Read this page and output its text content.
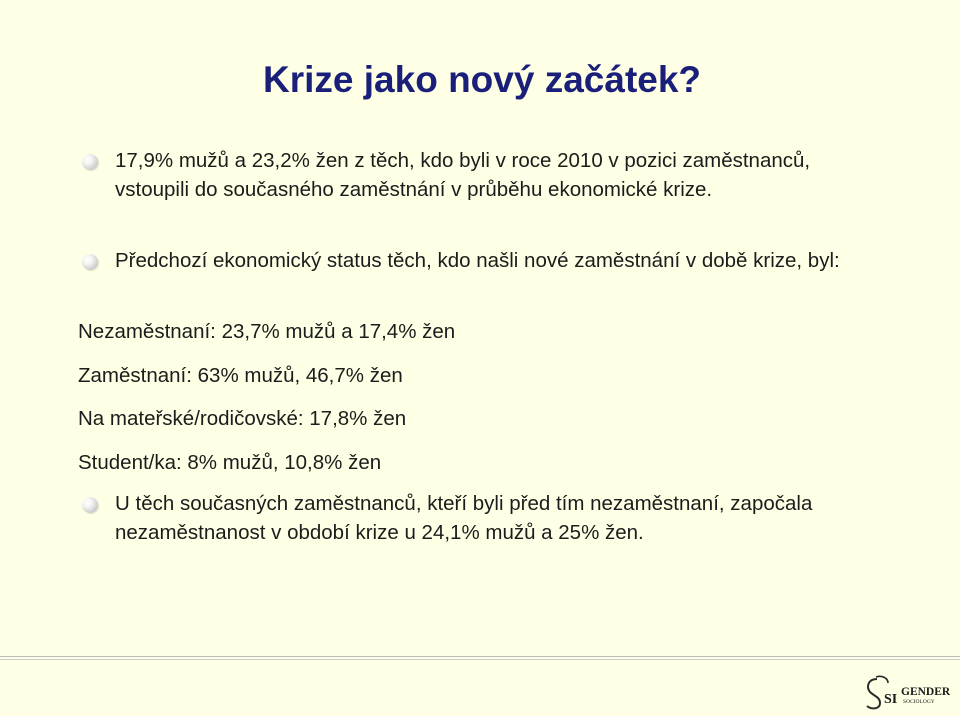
Krize jako nový začátek?
17,9% mužů a 23,2% žen z těch, kdo byli v roce 2010 v pozici zaměstnanců, vstoupili do současného zaměstnání v průběhu ekonomické krize.
Předchozí ekonomický status těch, kdo našli nové zaměstnání v době krize, byl:
Nezaměstnaní: 23,7% mužů a 17,4% žen
Zaměstnaní: 63% mužů, 46,7% žen
Na mateřské/rodičovské: 17,8% žen
Student/ka: 8% mužů, 10,8% žen
U těch současných zaměstnanců, kteří byli před tím nezaměstnaní, započala nezaměstnanost v období krize u 24,1% mužů a 25% žen.
SI GENDER
SOCIOLOGY
